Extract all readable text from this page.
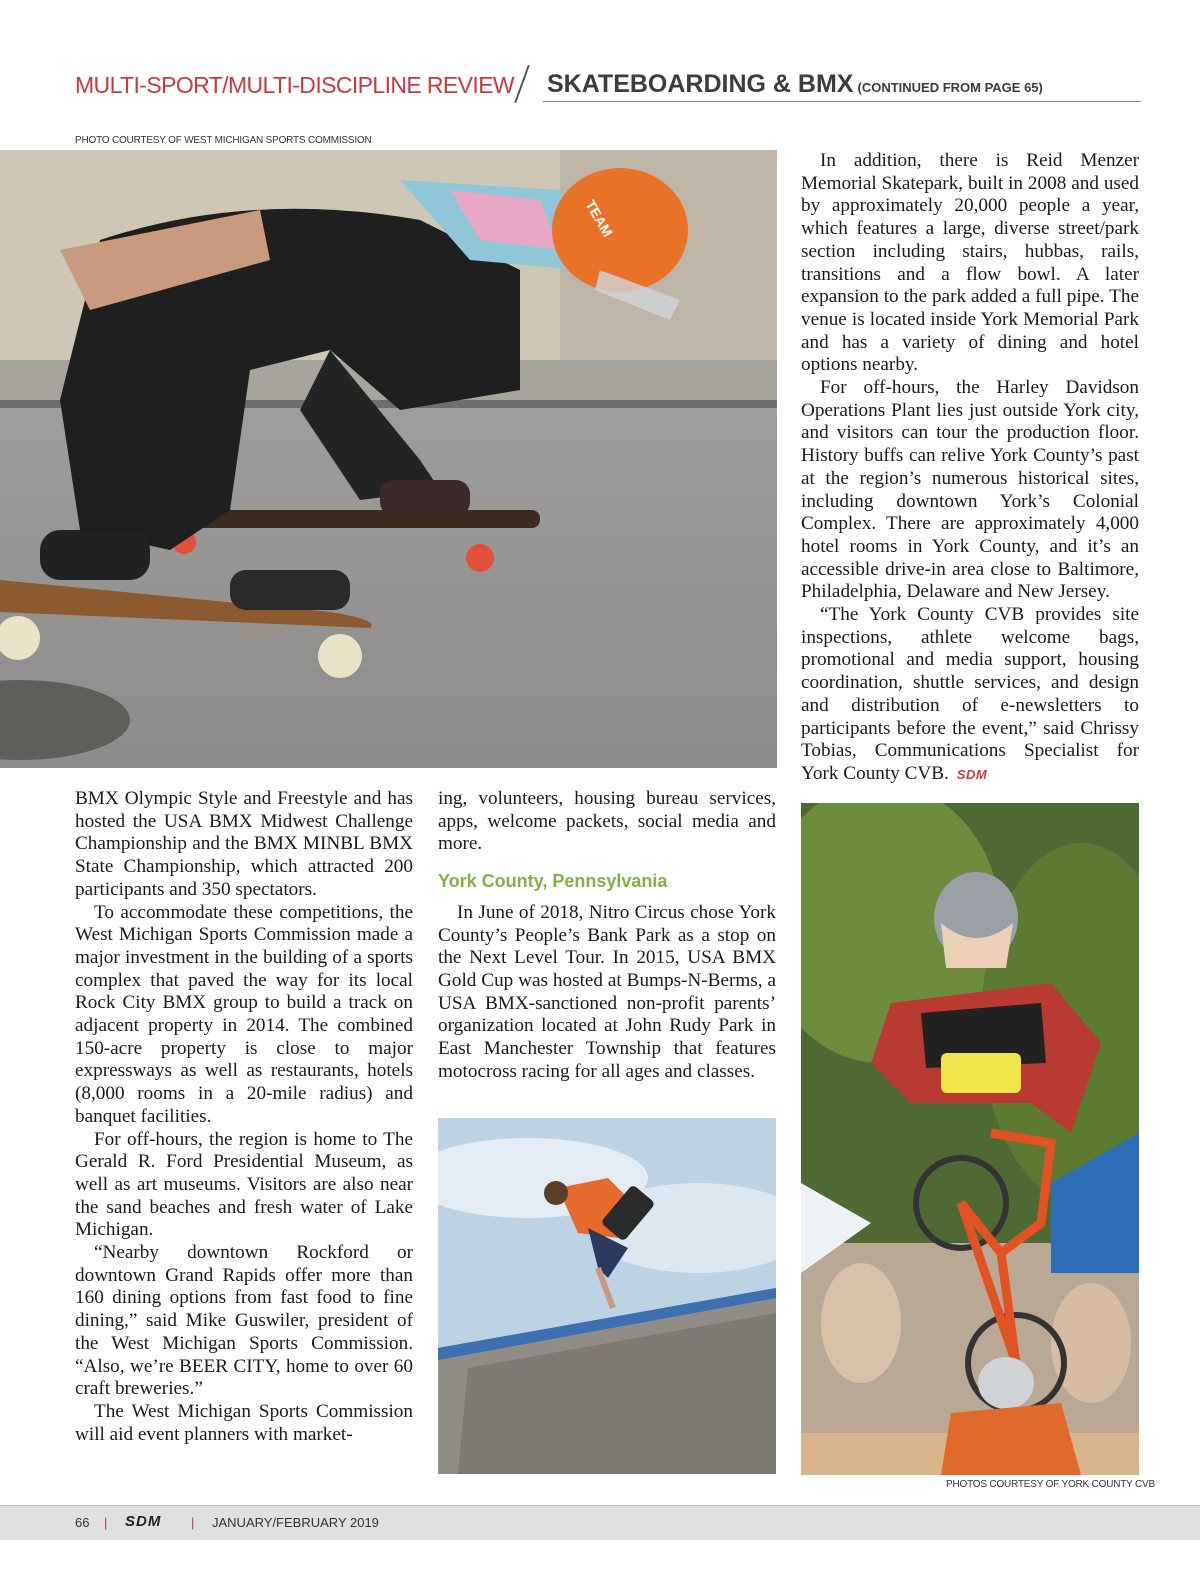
MULTI-SPORT/MULTI-DISCIPLINE REVIEW SKATEBOARDING & BMX (CONTINUED FROM PAGE 65)
PHOTO COURTESY OF WEST MICHIGAN SPORTS COMMISSION
TEAM

BMX Olympic Style and Freestyle and has hosted the USA BMX Midwest Challenge Championship and the BMX MINBL BMX State Championship, which attracted 200 participants and 350 spectators.

To accommodate these competitions, the West Michigan Sports Commission made a major investment in the building of a sports complex that paved the way for its local Rock City BMX group to build a track on adjacent property in 2014. The combined 150-acre property is close to major expressways as well as restaurants, hotels (8,000 rooms in a 20-mile radius) and banquet facilities.

For off-hours, the region is home to The Gerald R. Ford Presidential Museum, as well as art museums. Visitors are also near the sand beaches and fresh water of Lake Michigan.

“Nearby downtown Rockford or downtown Grand Rapids offer more than 160 dining options from fast food to fine dining,” said Mike Guswiler, president of the West Michigan Sports Commission. “Also, we’re BEER CITY, home to over 60 craft breweries.”

The West Michigan Sports Commission will aid event planners with market-

ing, volunteers, housing bureau services, apps, welcome packets, social media and more.

York County, Pennsylvania

In June of 2018, Nitro Circus chose York County’s People’s Bank Park as a stop on the Next Level Tour. In 2015, USA BMX Gold Cup was hosted at Bumps-N-Berms, a USA BMX-sanctioned non-profit parents’ organization located at John Rudy Park in East Manchester Township that features motocross racing for all ages and classes.

In addition, there is Reid Menzer Memorial Skatepark, built in 2008 and used by approximately 20,000 people a year, which features a large, diverse street/park section including stairs, hubbas, rails, transitions and a flow bowl. A later expansion to the park added a full pipe. The venue is located inside York Memorial Park and has a variety of dining and hotel options nearby.

For off-hours, the Harley Davidson Operations Plant lies just outside York city, and visitors can tour the production floor. History buffs can relive York County’s past at the region’s numerous historical sites, including downtown York’s Colonial Complex. There are approximately 4,000 hotel rooms in York County, and it’s an accessible drive-in area close to Baltimore, Philadelphia, Delaware and New Jersey.

“The York County CVB provides site inspections, athlete welcome bags, promotional and media support, housing coordination, shuttle services, and design and distribution of e-newsletters to participants before the event,” said Chrissy Tobias, Communications Specialist for York County CVB. SDM

PHOTOS COURTESY OF YORK COUNTY CVB
66 | SDM | JANUARY/FEBRUARY 2019
